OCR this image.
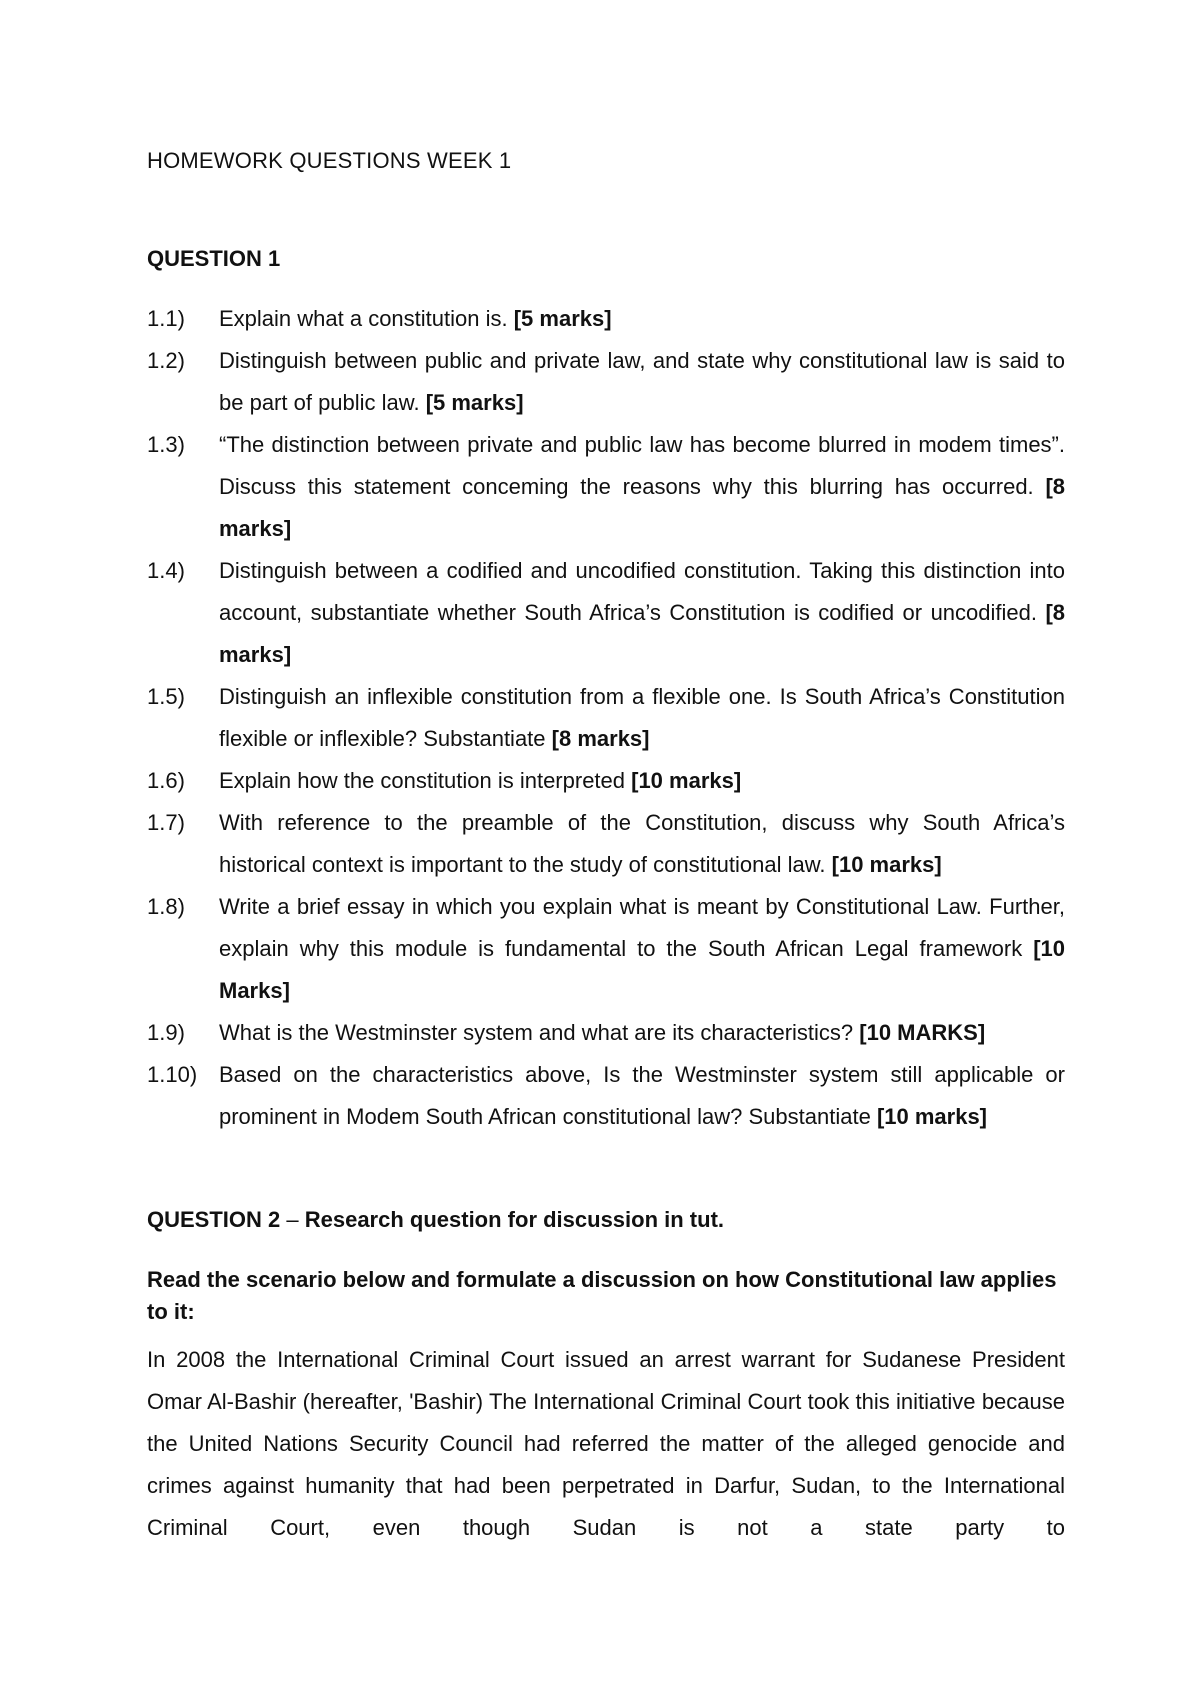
HOMEWORK QUESTIONS WEEK 1
QUESTION 1
1.1)	Explain what a constitution is. [5 marks]
1.2)	Distinguish between public and private law, and state why constitutional law is said to be part of public law. [5 marks]
1.3)	“The distinction between private and public law has become blurred in modem times”. Discuss this statement conceming the reasons why this blurring has occurred. [8 marks]
1.4)	Distinguish between a codified and uncodified constitution. Taking this distinction into account, substantiate whether South Africa’s Constitution is codified or uncodified. [8 marks]
1.5)	Distinguish an inflexible constitution from a flexible one. Is South Africa’s Constitution flexible or inflexible? Substantiate [8 marks]
1.6)	Explain how the constitution is interpreted [10 marks]
1.7)	With reference to the preamble of the Constitution, discuss why South Africa’s historical context is important to the study of constitutional law. [10 marks]
1.8)	Write a brief essay in which you explain what is meant by Constitutional Law. Further, explain why this module is fundamental to the South African Legal framework [10 Marks]
1.9)	What is the Westminster system and what are its characteristics? [10 MARKS]
1.10) Based on the characteristics above, Is the Westminster system still applicable or prominent in Modem South African constitutional law? Substantiate [10 marks]
QUESTION 2 – Research question for discussion in tut.
Read the scenario below and formulate a discussion on how Constitutional law applies to it:
In 2008 the International Criminal Court issued an arrest warrant for Sudanese President Omar Al-Bashir (hereafter, 'Bashir) The International Criminal Court took this initiative because the United Nations Security Council had referred the matter of the alleged genocide and crimes against humanity that had been perpetrated in Darfur, Sudan, to the International Criminal Court, even though Sudan is not a state party to
